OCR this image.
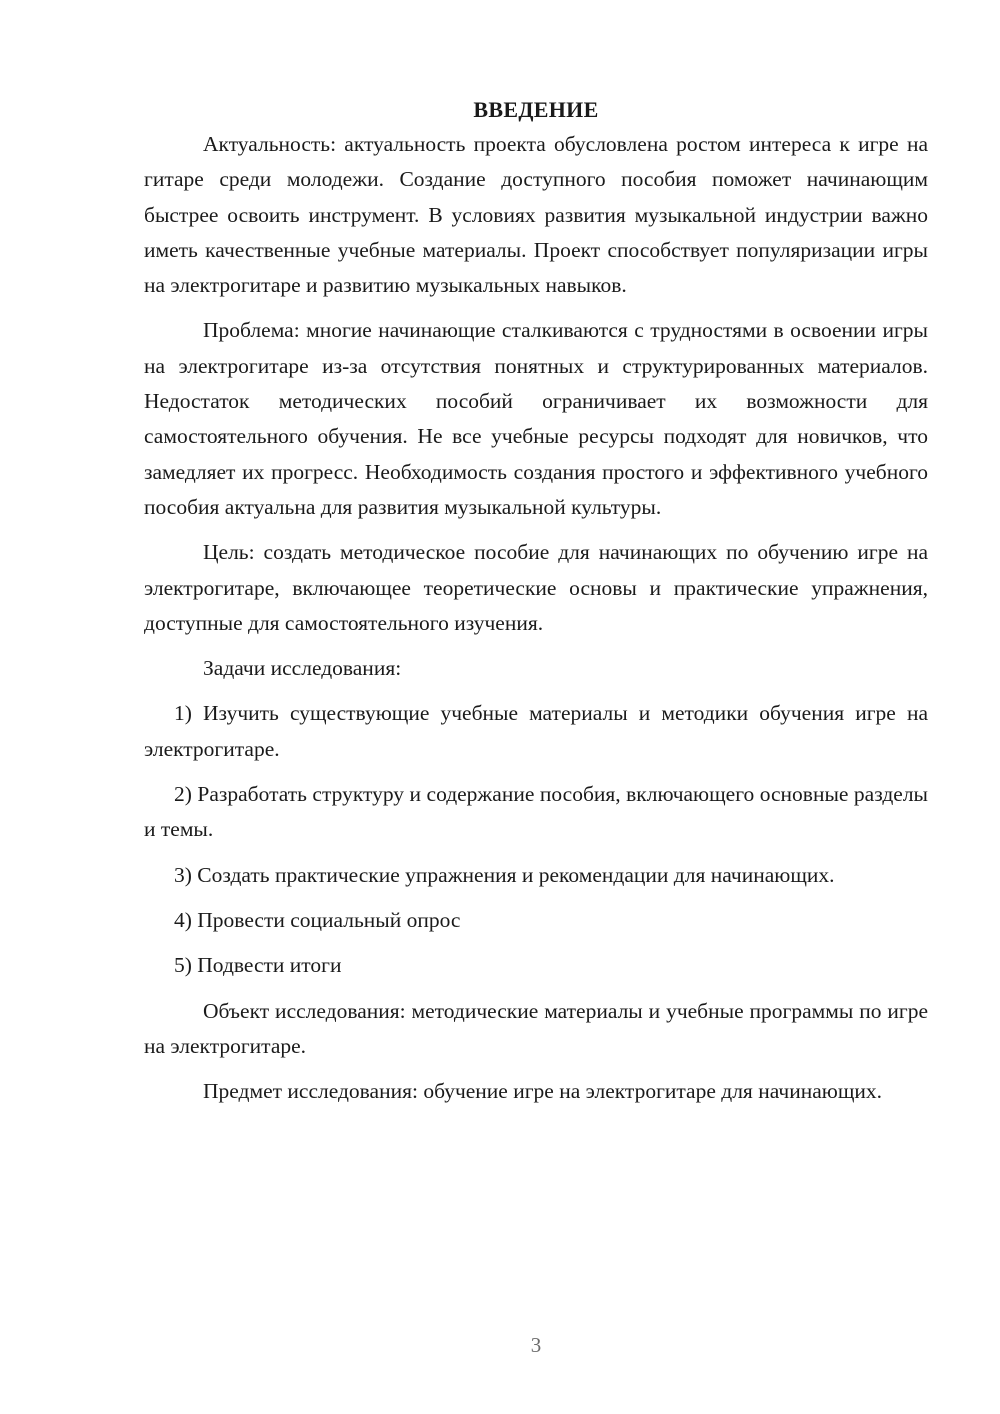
ВВЕДЕНИЕ

Актуальность: актуальность проекта обусловлена ростом интереса к игре на гитаре среди молодежи. Создание доступного пособия поможет начинающим быстрее освоить инструмент. В условиях развития музыкальной индустрии важно иметь качественные учебные материалы. Проект способствует популяризации игры на электрогитаре и развитию музыкальных навыков.

Проблема: многие начинающие сталкиваются с трудностями в освоении игры на электрогитаре из-за отсутствия понятных и структурированных материалов. Недостаток методических пособий ограничивает их возможности для самостоятельного обучения. Не все учебные ресурсы подходят для новичков, что замедляет их прогресс. Необходимость создания простого и эффективного учебного пособия актуальна для развития музыкальной культуры.

Цель: создать методическое пособие для начинающих по обучению игре на электрогитаре, включающее теоретические основы и практические упражнения, доступные для самостоятельного изучения.

Задачи исследования:

1) Изучить существующие учебные материалы и методики обучения игре на электрогитаре.

2) Разработать структуру и содержание пособия, включающего основные разделы и темы.

3) Создать практические упражнения и рекомендации для начинающих.

4) Провести социальный опрос

5) Подвести итоги

Объект исследования: методические материалы и учебные программы по игре на электрогитаре.

Предмет исследования: обучение игре на электрогитаре для начинающих.

3
